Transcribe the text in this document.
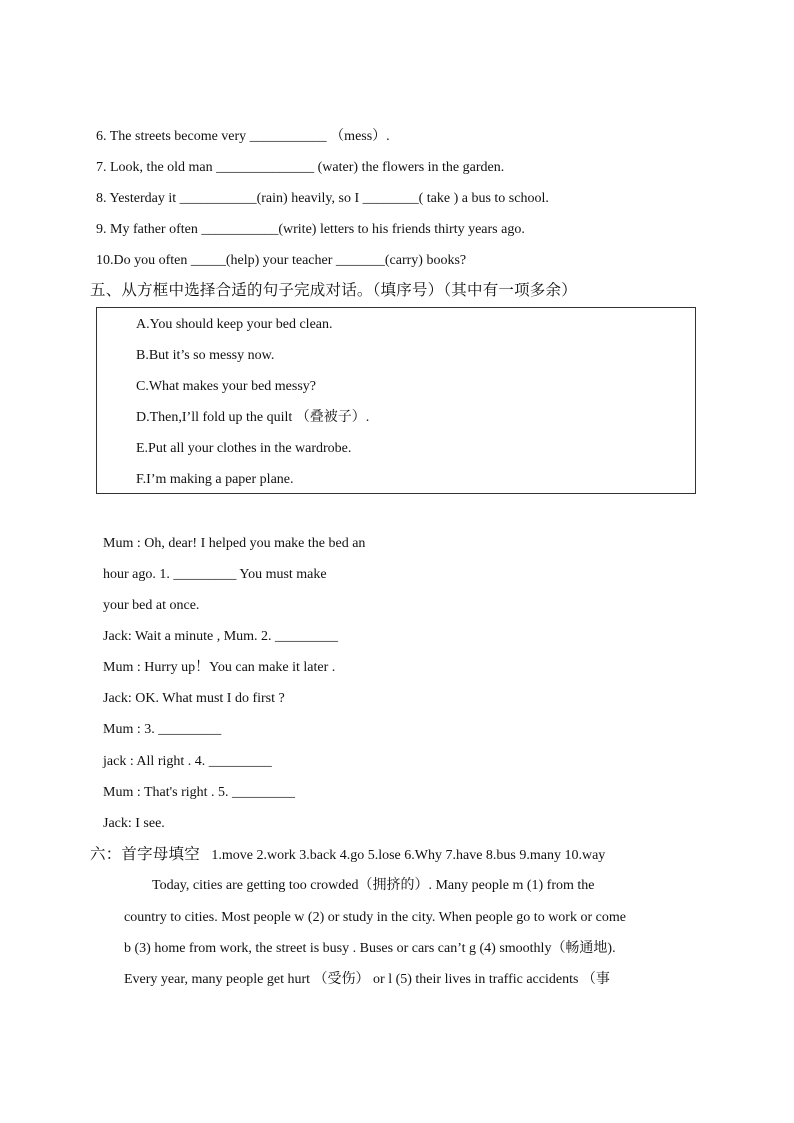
6. The streets become very ___________ （mess）.
7. Look, the old man ______________ (water) the flowers in the garden.
8. Yesterday it ___________(rain) heavily, so I ________( take ) a bus to school.
9. My father often ___________(write) letters to his friends thirty years ago.
10.Do you often _____(help) your teacher _______(carry) books?
五、从方框中选择合适的句子完成对话。（填序号）（其中有一项多余）
A.You should keep your bed clean.
B.But it’s so messy now.
C.What makes your bed messy?
D.Then,I’ll fold up the quilt （叠被子）.
E.Put all your clothes in the wardrobe.
F.I’m making a paper plane.
Mum : Oh, dear! I helped you make the bed an
hour ago. 1. _________ You must make
your bed at once.
Jack: Wait a minute , Mum. 2. _________
Mum : Hurry up！You can make it later .
Jack: OK. What must I do first ?
Mum : 3. _________
jack : All right . 4. _________
Mum : That's right . 5. _________
Jack: I see.
六：首字母填空 1.move 2.work 3.back 4.go 5.lose 6.Why 7.have 8.bus 9.many 10.way
Today, cities are getting too crowded（拥挤的）. Many people m (1) from the
country to cities. Most people w (2) or study in the city. When people go to work or come
b (3) home from work, the street is busy . Buses or cars can’t g (4) smoothly（畅通地).
Every year, many people get hurt （受伤） or l (5) their lives in traffic accidents （事
